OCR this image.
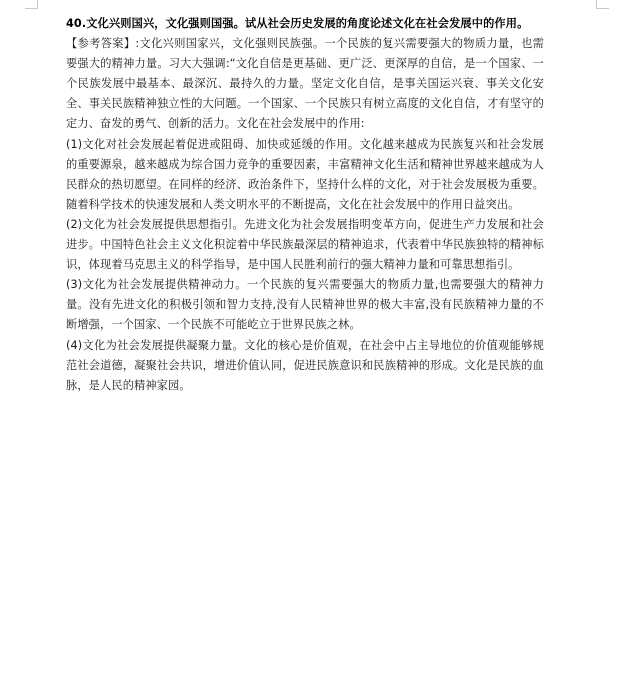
40.文化兴则国兴，文化强则国强。试从社会历史发展的角度论述文化在社会发展中的作用。

【参考答案】:文化兴则国家兴，文化强则民族强。一个民族的复兴需要强大的物质力量，也需要强大的精神力量。习大大强调:“文化自信是更基础、更广泛、更深厚的自信，是一个国家、一个民族发展中最基本、最深沉、最持久的力量。坚定文化自信，是事关国运兴衰、事关文化安全、事关民族精神独立性的大问题。一个国家、一个民族只有树立高度的文化自信，才有坚守的定力、奋发的勇气、创新的活力。文化在社会发展中的作用:

(1)文化对社会发展起着促进或阻碍、加快或延缓的作用。文化越来越成为民族复兴和社会发展的重要源泉，越来越成为综合国力竞争的重要因素，丰富精神文化生活和精神世界越来越成为人民群众的热切愿望。在同样的经济、政治条件下，坚持什么样的文化，对于社会发展极为重要。随着科学技术的快速发展和人类文明水平的不断提高，文化在社会发展中的作用日益突出。

(2)文化为社会发展提供思想指引。先进文化为社会发展指明变革方向，促进生产力发展和社会进步。中国特色社会主义文化积淀着中华民族最深层的精神追求，代表着中华民族独特的精神标识，体现着马克思主义的科学指导，是中国人民胜利前行的强大精神力量和可靠思想指引。

(3)文化为社会发展提供精神动力。一个民族的复兴需要强大的物质力量,也需要强大的精神力量。没有先进文化的积极引领和智力支持,没有人民精神世界的极大丰富,没有民族精神力量的不断增强，一个国家、一个民族不可能屹立于世界民族之林。

(4)文化为社会发展提供凝聚力量。文化的核心是价值观，在社会中占主导地位的价值观能够规范社会道德，凝聚社会共识，增进价值认同，促进民族意识和民族精神的形成。文化是民族的血脉，是人民的精神家园。
